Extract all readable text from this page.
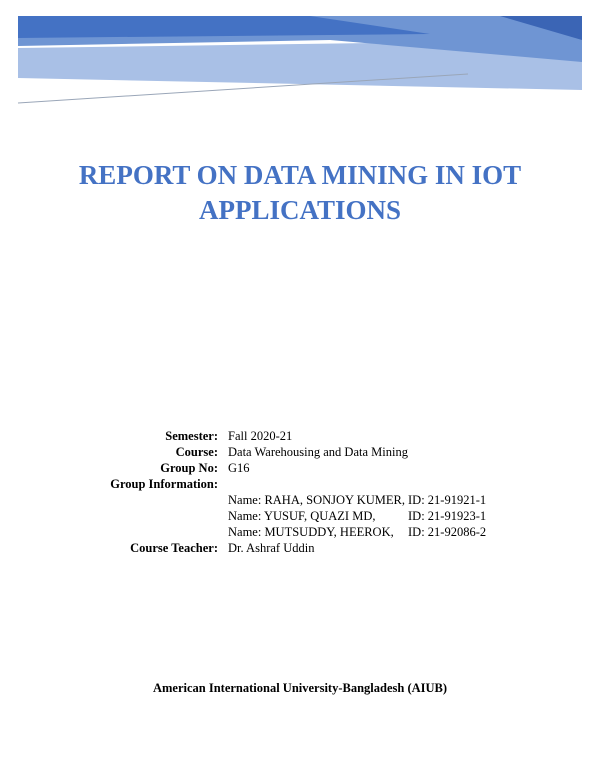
REPORT ON DATA MINING IN IOT
APPLICATIONS
Semester: Fall 2020-21
Course: Data Warehousing and Data Mining
Group No: G16
Group Information:
Name: RAHA, SONJOY KUMER, ID: 21-91921-1
Name: YUSUF, QUAZI MD,	ID: 21-91923-1
Name: MUTSUDDY, HEEROK,	ID: 21-92086-2
Course Teacher: Dr. Ashraf Uddin
American International University-Bangladesh (AIUB)
